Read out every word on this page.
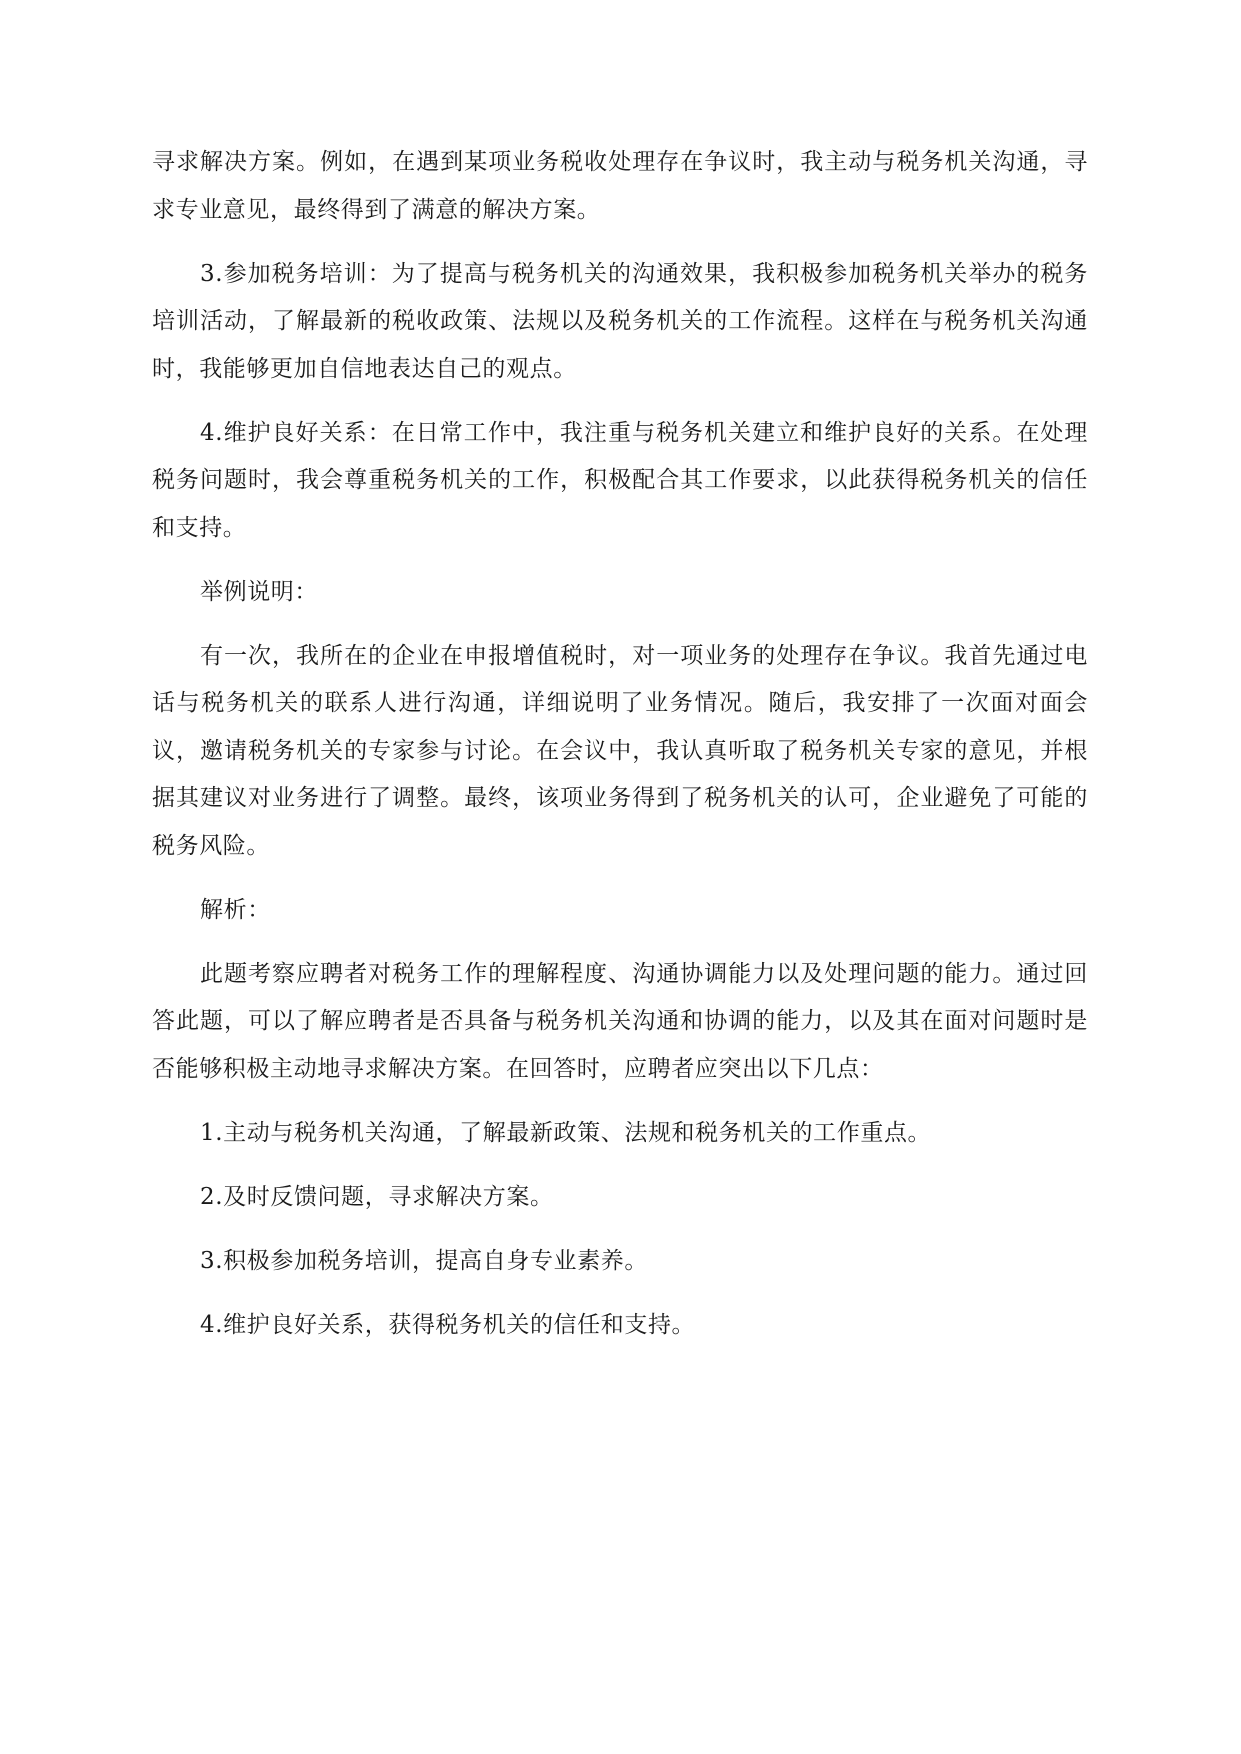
寻求解决方案。例如，在遇到某项业务税收处理存在争议时，我主动与税务机关沟通，寻求专业意见，最终得到了满意的解决方案。

3.参加税务培训：为了提高与税务机关的沟通效果，我积极参加税务机关举办的税务培训活动，了解最新的税收政策、法规以及税务机关的工作流程。这样在与税务机关沟通时，我能够更加自信地表达自己的观点。

4.维护良好关系：在日常工作中，我注重与税务机关建立和维护良好的关系。在处理税务问题时，我会尊重税务机关的工作，积极配合其工作要求，以此获得税务机关的信任和支持。

举例说明：

有一次，我所在的企业在申报增值税时，对一项业务的处理存在争议。我首先通过电话与税务机关的联系人进行沟通，详细说明了业务情况。随后，我安排了一次面对面会议，邀请税务机关的专家参与讨论。在会议中，我认真听取了税务机关专家的意见，并根据其建议对业务进行了调整。最终，该项业务得到了税务机关的认可，企业避免了可能的税务风险。

解析：

此题考察应聘者对税务工作的理解程度、沟通协调能力以及处理问题的能力。通过回答此题，可以了解应聘者是否具备与税务机关沟通和协调的能力，以及其在面对问题时是否能够积极主动地寻求解决方案。在回答时，应聘者应突出以下几点：

1.主动与税务机关沟通，了解最新政策、法规和税务机关的工作重点。

2.及时反馈问题，寻求解决方案。

3.积极参加税务培训，提高自身专业素养。

4.维护良好关系，获得税务机关的信任和支持。
